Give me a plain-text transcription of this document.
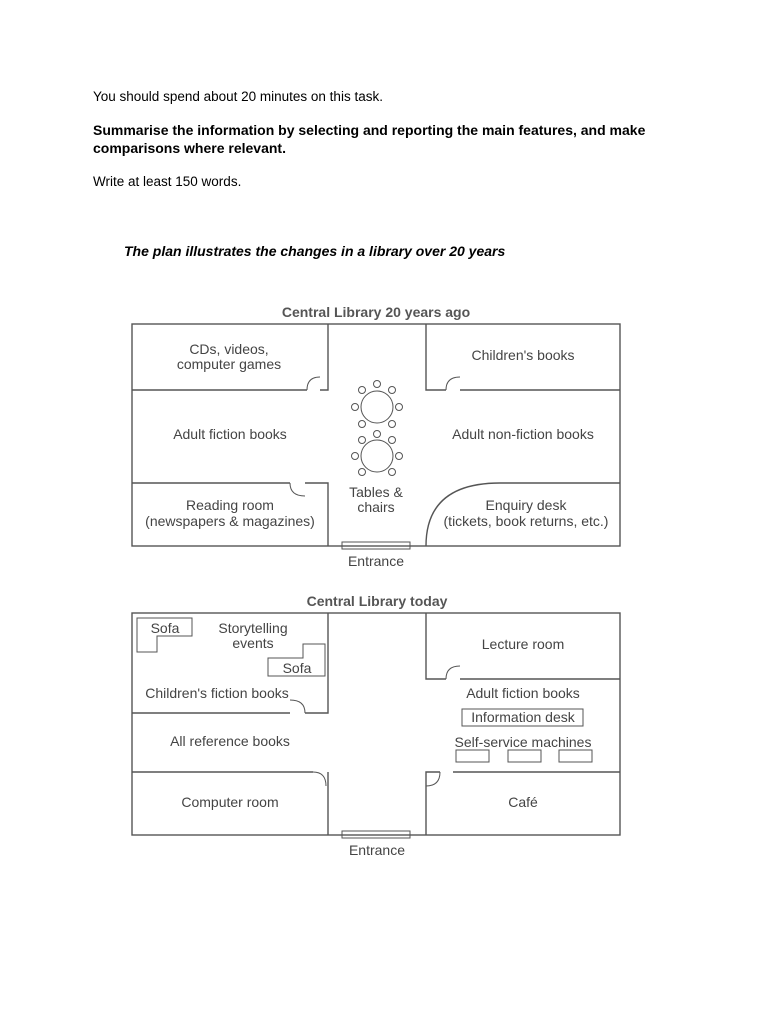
You should spend about 20 minutes on this task.

Summarise the information by selecting and reporting the main features, and make
comparisons where relevant.

Write at least 150 words.

The plan illustrates the changes in a library over 20 years

Central Library 20 years ago
Entrance
CDs, videos,
computer games
Children's books
Adult fiction books	Adult non-fiction books
Tables &
chairs
Reading room
(newspapers & magazines)
Enquiry desk
(tickets, book returns, etc.)
Central Library today
Entrance
Sofa	Storytelling
events
Sofa
Children's fiction books
Lecture room
Adult fiction books
Information desk
Self-service machines
All reference books
Computer room	Café
